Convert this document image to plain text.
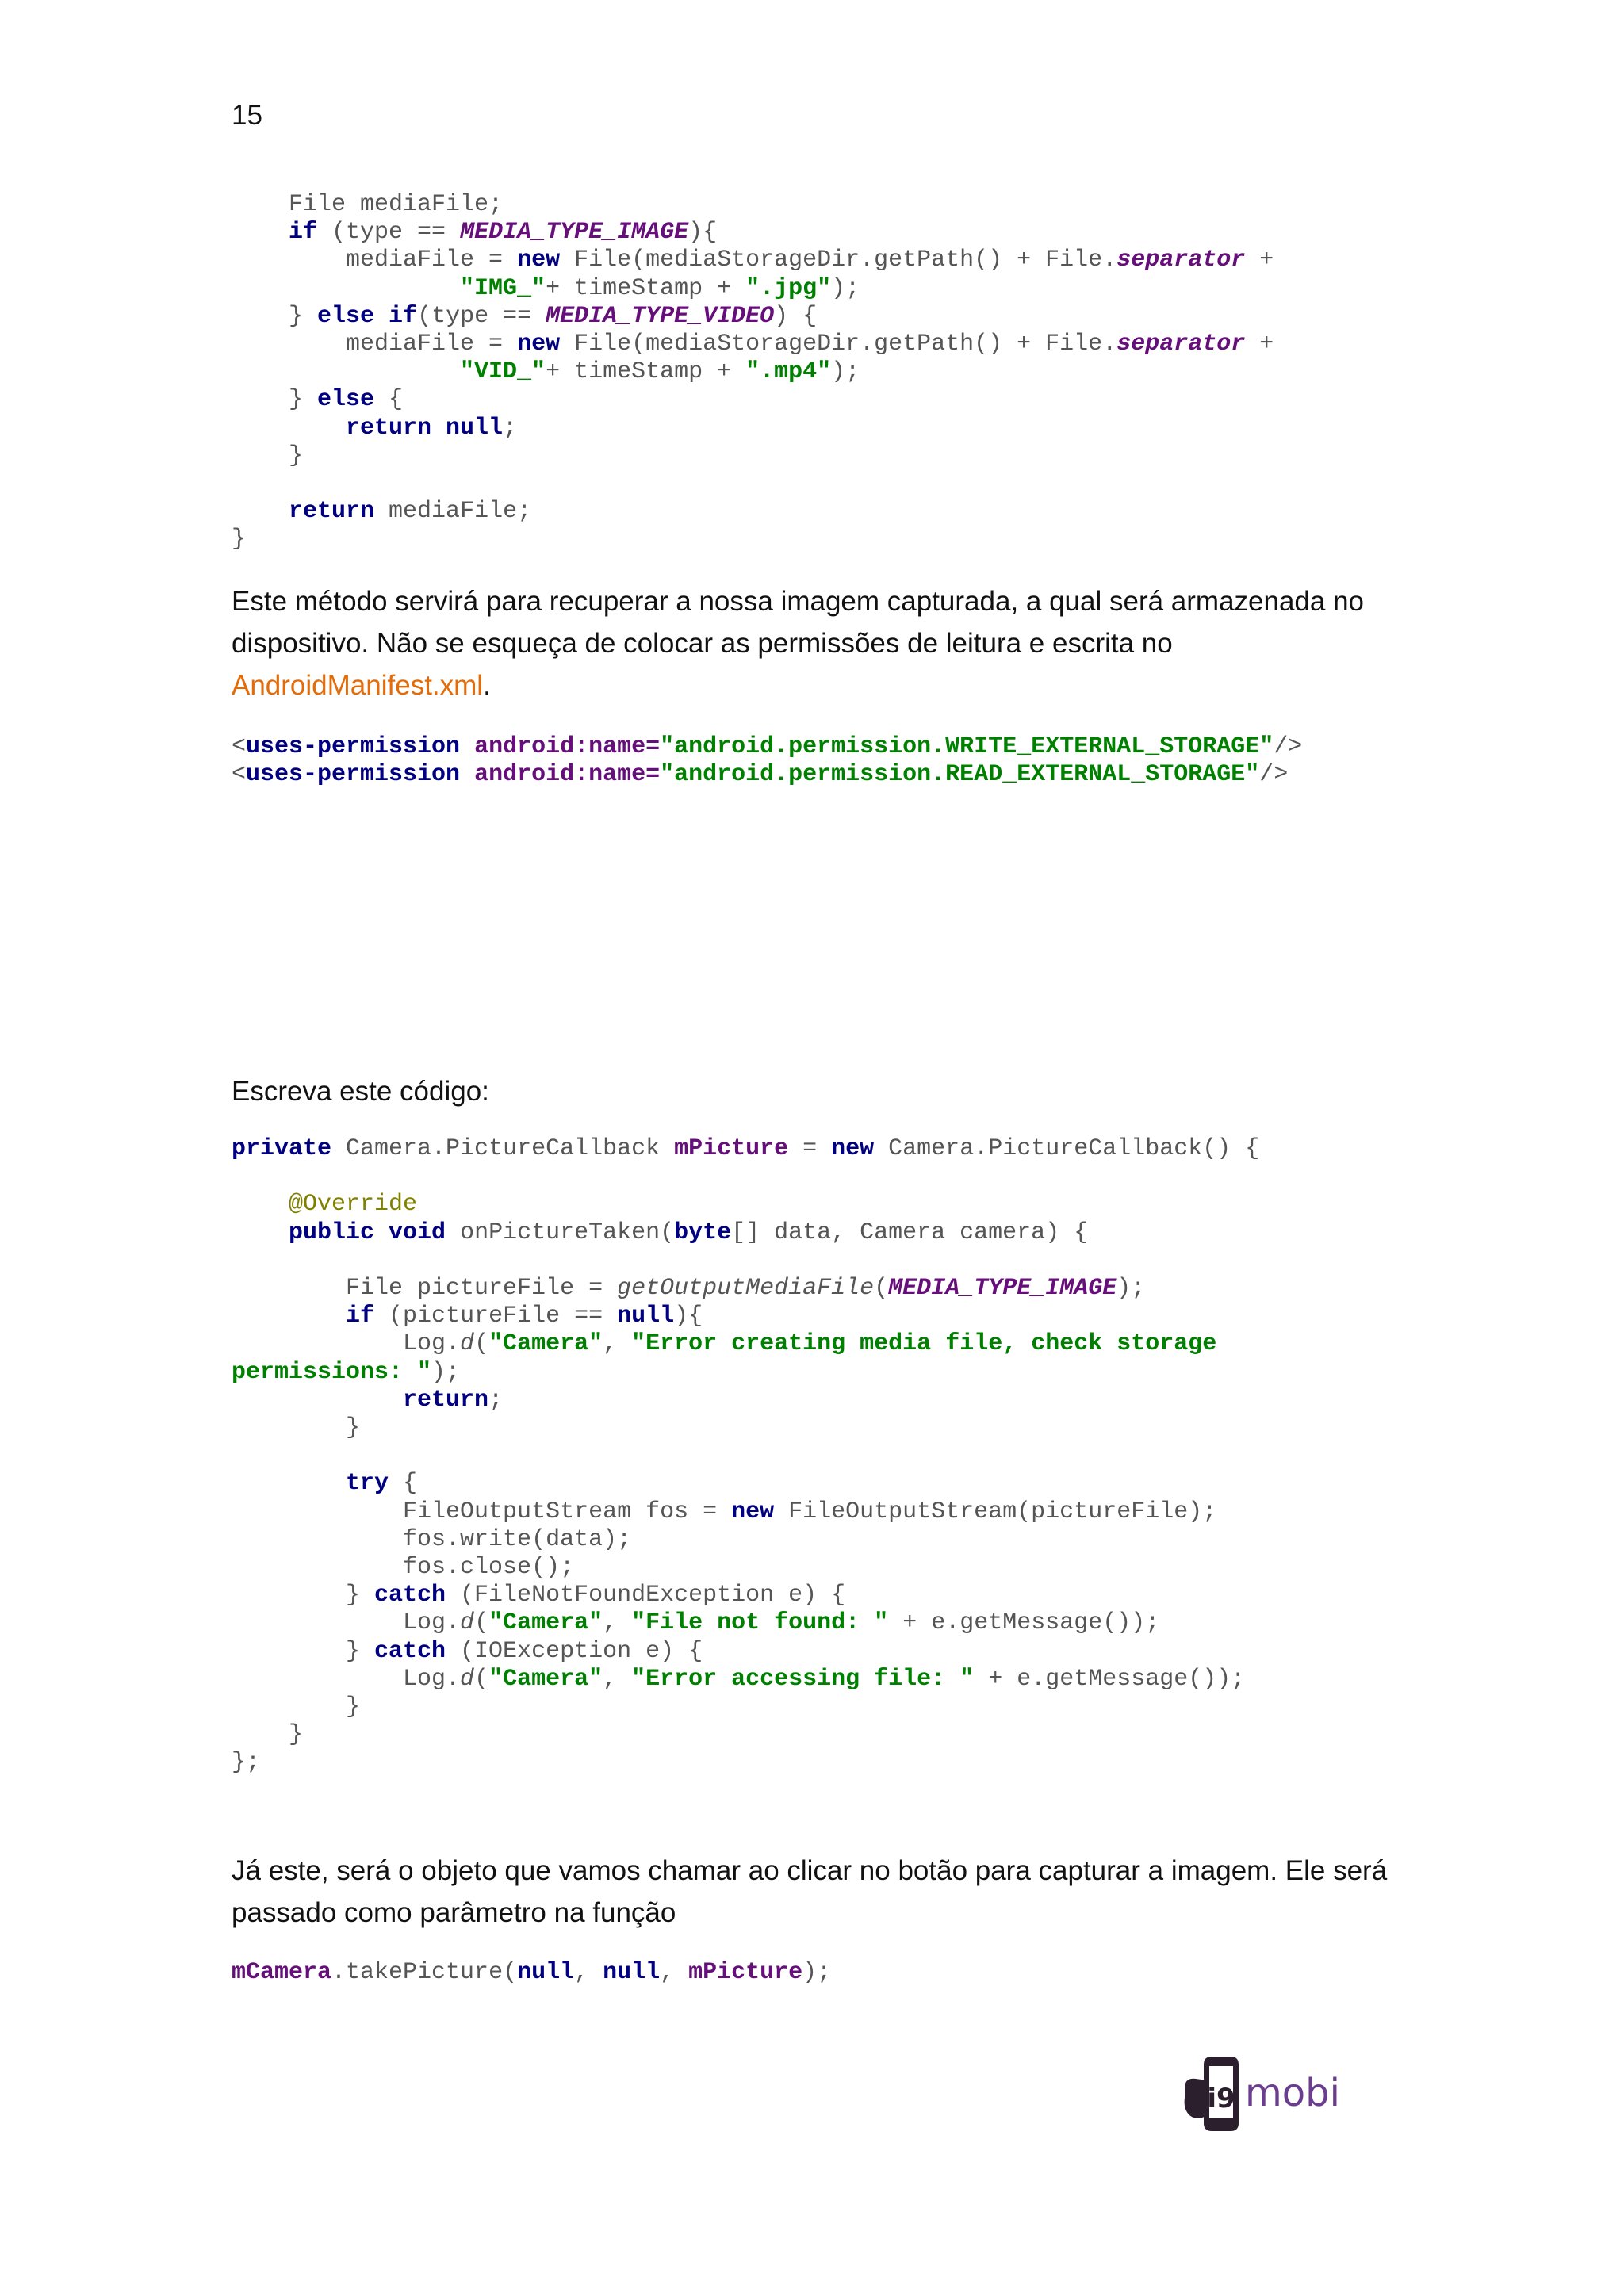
15
File mediaFile;
if (type == MEDIA_TYPE_IMAGE){
mediaFile = new File(mediaStorageDir.getPath() + File.separator +
"IMG_"+ timeStamp + ".jpg");
} else if(type == MEDIA_TYPE_VIDEO) {
mediaFile = new File(mediaStorageDir.getPath() + File.separator +
"VID_"+ timeStamp + ".mp4");
} else {
return null;
}

return mediaFile;
}

Este método servirá para recuperar a nossa imagem capturada, a qual será armazenada no dispositivo. Não se esqueça de colocar as permissões de leitura e escrita no AndroidManifest.xml.

<uses-permission android:name="android.permission.WRITE_EXTERNAL_STORAGE"/>
<uses-permission android:name="android.permission.READ_EXTERNAL_STORAGE"/>

Escreva este código:

private Camera.PictureCallback mPicture = new Camera.PictureCallback() {

@Override
public void onPictureTaken(byte[] data, Camera camera) {

File pictureFile = getOutputMediaFile(MEDIA_TYPE_IMAGE);
if (pictureFile == null){
Log.d("Camera", "Error creating media file, check storage
permissions: ");
return;
}

try {
FileOutputStream fos = new FileOutputStream(pictureFile);
fos.write(data);
fos.close();
} catch (FileNotFoundException e) {
Log.d("Camera", "File not found: " + e.getMessage());
} catch (IOException e) {
Log.d("Camera", "Error accessing file: " + e.getMessage());
}
}
};

Já este, será o objeto que vamos chamar ao clicar no botão para capturar a imagem. Ele será passado como parâmetro na função

mCamera.takePicture(null, null, mPicture);
i9 mobi
